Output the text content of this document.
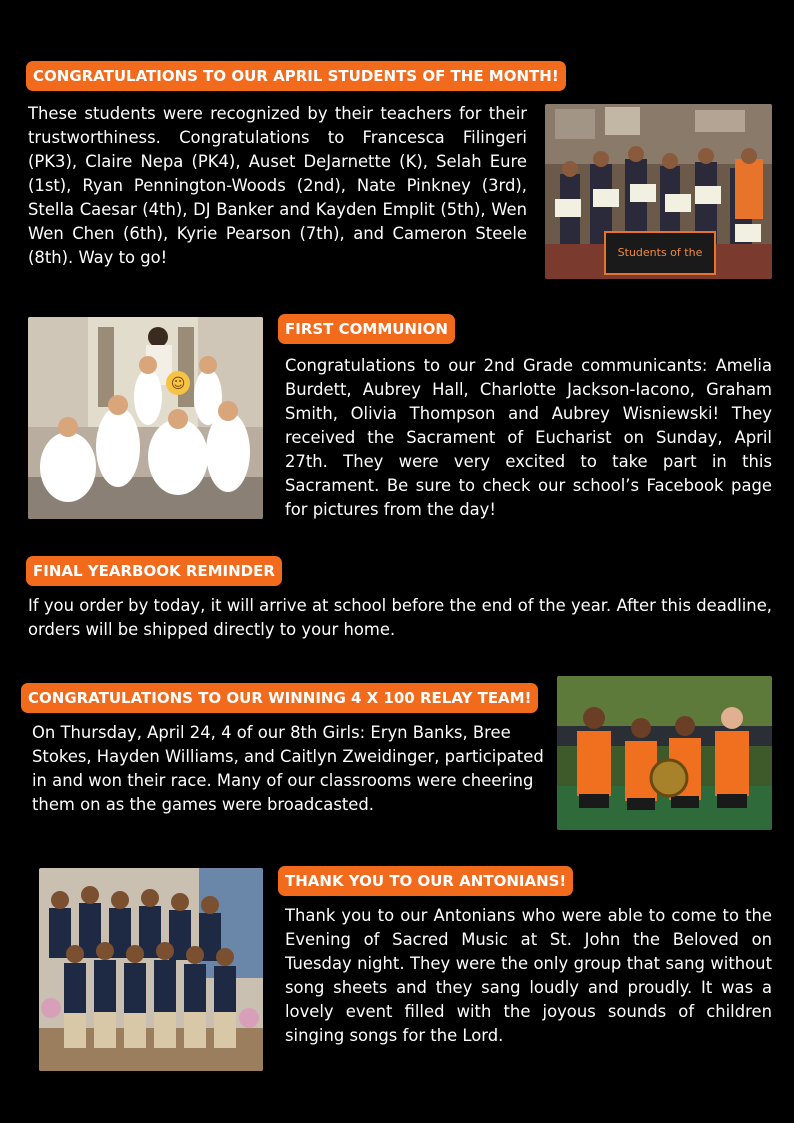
CONGRATULATIONS TO OUR APRIL STUDENTS OF THE MONTH!

These students were recognized by their teachers for their trustworthiness. Congratulations to Francesca Filingeri (PK3), Claire Nepa (PK4), Auset DeJarnette (K), Selah Eure (1st), Ryan Pennington-Woods (2nd), Nate Pinkney (3rd), Stella Caesar (4th), DJ Banker and Kayden Emplit (5th), Wen Wen Chen (6th), Kyrie Pearson (7th), and Cameron Steele (8th). Way to go!	Students of the
☺
FIRST COMMUNION

Congratulations to our 2nd Grade communicants: Amelia Burdett, Aubrey Hall, Charlotte Jackson-Iacono, Graham Smith, Olivia Thompson and Aubrey Wisniewski! They received the Sacrament of Eucharist on Sunday, April 27th. They were very excited to take part in this Sacrament. Be sure to check our school’s Facebook page for pictures from the day!

FINAL YEARBOOK REMINDER

If you order by today, it will arrive at school before the end of the year. After this deadline, orders will be shipped directly to your home.

CONGRATULATIONS TO OUR WINNING 4 X 100 RELAY TEAM!

On Thursday, April 24, 4 of our 8th Girls: Eryn Banks, Bree Stokes, Hayden Williams, and Caitlyn Zweidinger, participated in and won their race. Many of our classrooms were cheering them on as the games were broadcasted.

THANK YOU TO OUR ANTONIANS!

Thank you to our Antonians who were able to come to the Evening of Sacred Music at St. John the Beloved on Tuesday night. They were the only group that sang without song sheets and they sang loudly and proudly. It was a lovely event filled with the joyous sounds of children singing songs for the Lord.
